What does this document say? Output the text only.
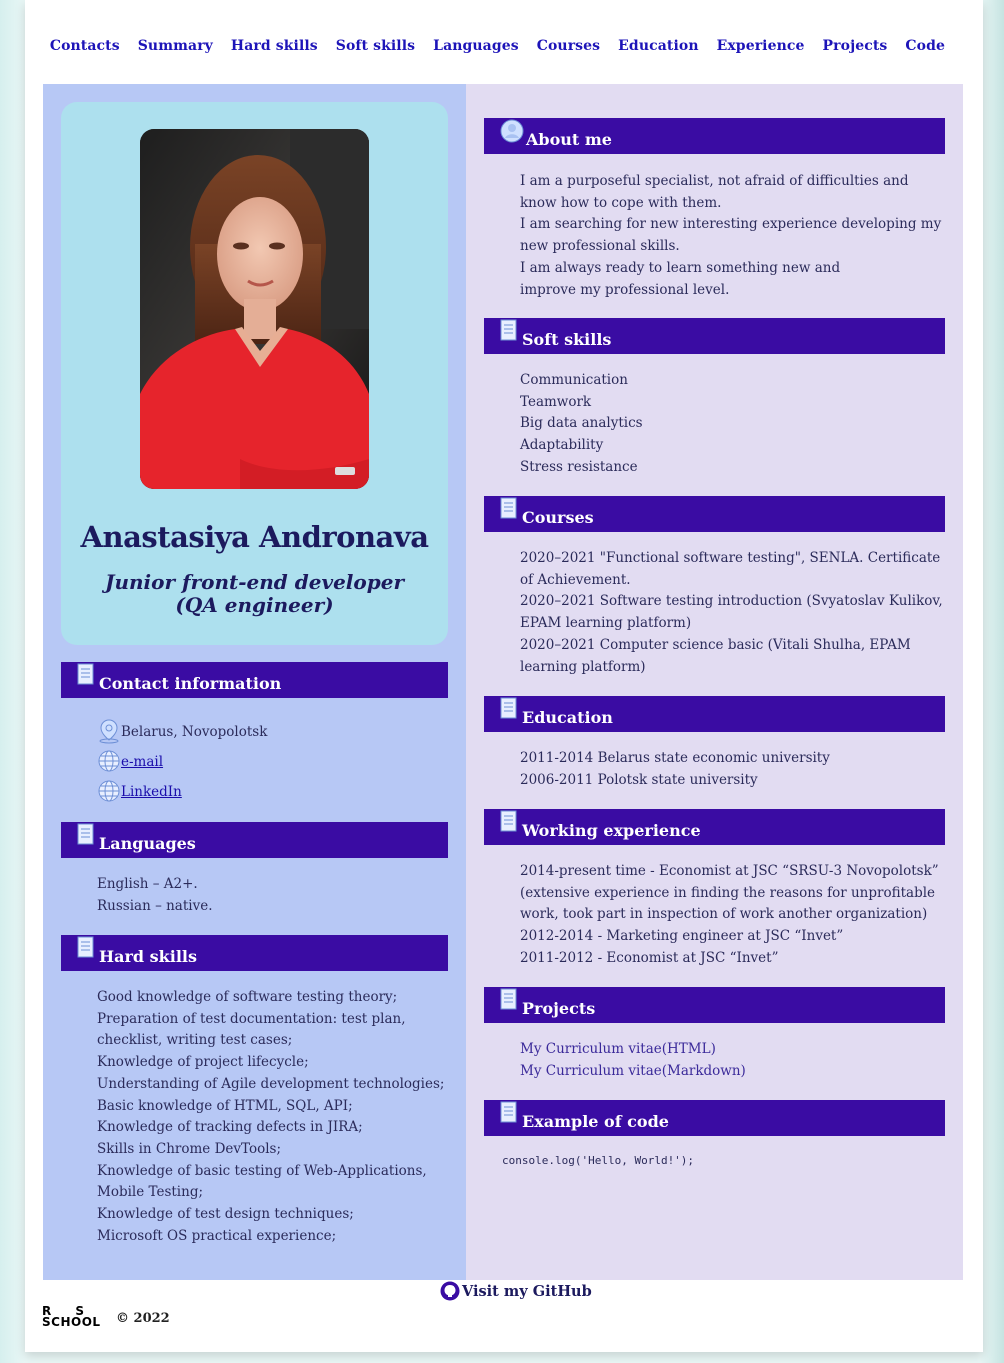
Contacts Summary Hard skills Soft skills Languages Courses Education Experience Projects Code
Anastasiya Andronava
Junior front-end developer (QA engineer)
Contact information
Belarus, Novopolotsk
e-mail
LinkedIn
Languages

English – A2+.

Russian – native.

Hard skills

Good knowledge of software testing theory;

Preparation of test documentation: test plan, checklist, writing test cases;

Knowledge of project lifecycle;

Understanding of Agile development technologies;

Basic knowledge of HTML, SQL, API;

Knowledge of tracking defects in JIRA;

Skills in Chrome DevTools;

Knowledge of basic testing of Web-Applications, Mobile Testing;

Knowledge of test design techniques;

Microsoft OS practical experience;

About me

I am a purposeful specialist, not afraid of difficulties and know how to cope with them.

I am searching for new interesting experience developing my new professional skills.

I am always ready to learn something new and

improve my professional level.

Soft skills

Communication

Teamwork

Big data analytics

Adaptability

Stress resistance

Courses

2020–2021 "Functional software testing", SENLA. Certificate of Achievement.

2020–2021 Software testing introduction (Svyatoslav Kulikov, EPAM learning platform)

2020–2021 Computer science basic (Vitali Shulha, EPAM learning platform)

Education

2011-2014 Belarus state economic university

2006-2011 Polotsk state university

Working experience

2014-present time - Economist at JSC “SRSU-3 Novopolotsk” (extensive experience in finding the reasons for unprofitable work, took part in inspection of work another organization)

2012-2014 - Marketing engineer at JSC “Invet”

2011-2012 - Economist at JSC “Invet”

Projects
My Curriculum vitae(HTML)
My Curriculum vitae(Markdown)
Example of code
console.log('Hello, World!');
Visit my GitHub
R S
SCHOOL	© 2022
